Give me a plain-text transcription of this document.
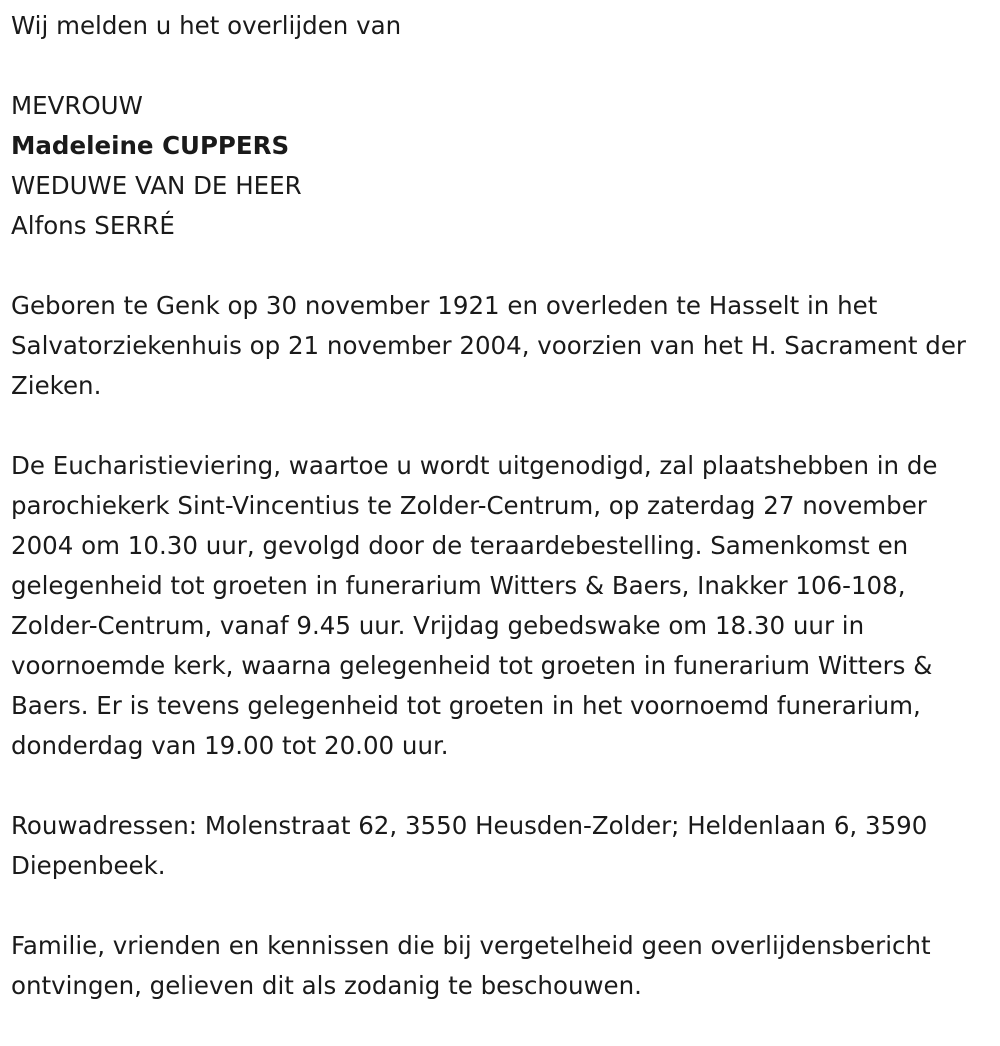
Wij melden u het overlijden van

MEVROUW

Madeleine CUPPERS

WEDUWE VAN DE HEER

Alfons SERRÉ

Geboren te Genk op 30 november 1921 en overleden te Hasselt in het Salvatorziekenhuis op 21 november 2004, voorzien van het H. Sacrament der Zieken.

De Eucharistieviering, waartoe u wordt uitgenodigd, zal plaatshebben in de parochiekerk Sint-Vincentius te Zolder-Centrum, op zaterdag 27 november 2004 om 10.30 uur, gevolgd door de teraardebestelling. Samenkomst en gelegenheid tot groeten in funerarium Witters & Baers, Inakker 106-108, Zolder-Centrum, vanaf 9.45 uur. Vrijdag gebedswake om 18.30 uur in voornoemde kerk, waarna gelegenheid tot groeten in funerarium Witters & Baers. Er is tevens gelegenheid tot groeten in het voornoemd funerarium, donderdag van 19.00 tot 20.00 uur.

Rouwadressen: Molenstraat 62, 3550 Heusden-Zolder; Heldenlaan 6, 3590 Diepenbeek.

Familie, vrienden en kennissen die bij vergetelheid geen overlijdensbericht ontvingen, gelieven dit als zodanig te beschouwen.
